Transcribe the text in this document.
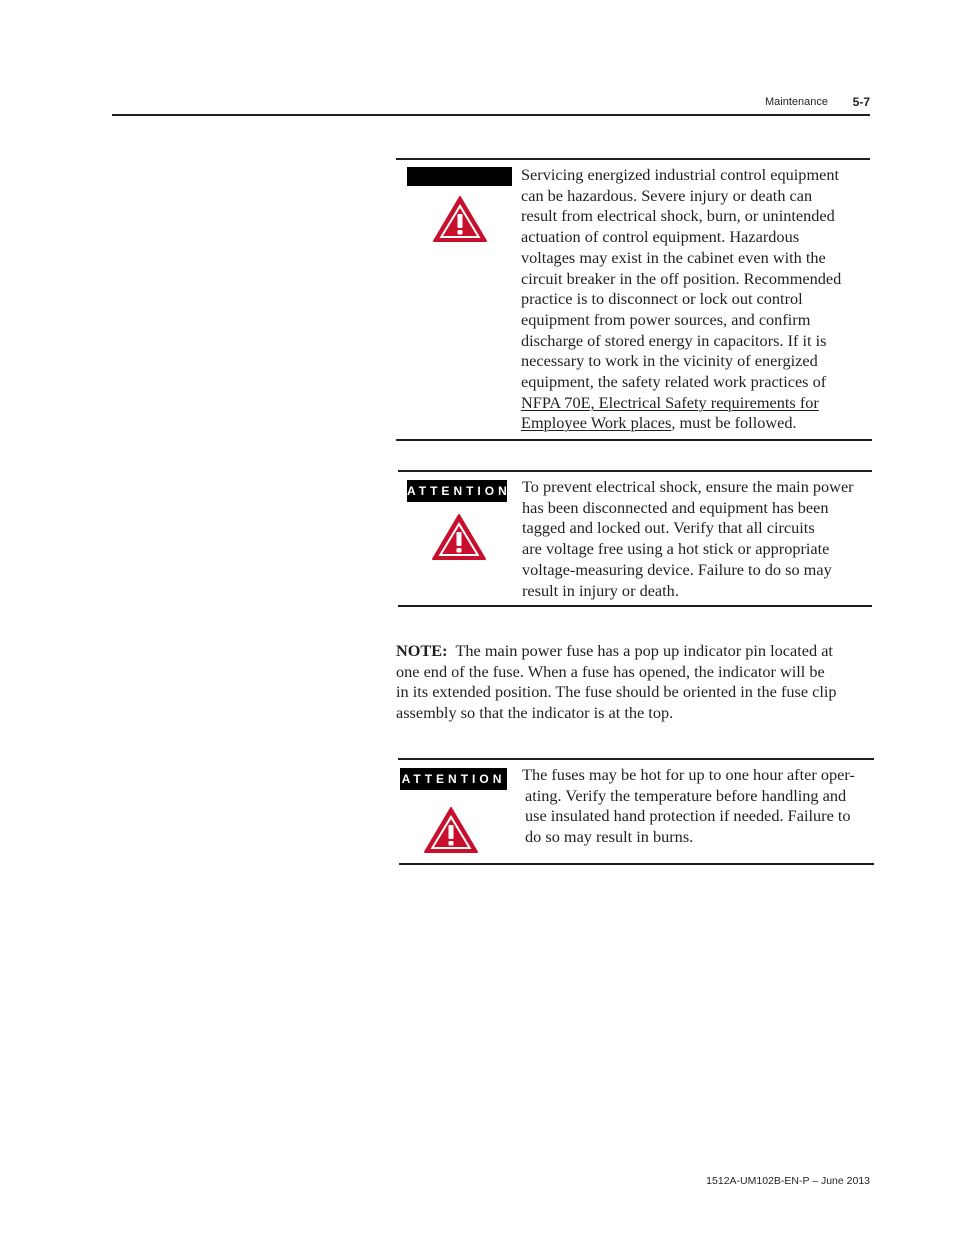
Maintenance 5-7
Servicing energized industrial control equipment
can be hazardous. Severe injury or death can
result from electrical shock, burn, or unintended
actuation of control equipment. Hazardous
voltages may exist in the cabinet even with the
circuit breaker in the off position. Recommended
practice is to disconnect or lock out control
equipment from power sources, and confirm
discharge of stored energy in capacitors. If it is
necessary to work in the vicinity of energized
equipment, the safety related work practices of
NFPA 70E, Electrical Safety requirements for
Employee Work places, must be followed.
ATTENTION To prevent electrical shock, ensure the main power
has been disconnected and equipment has been
tagged and locked out. Verify that all circuits
are voltage free using a hot stick or appropriate
voltage-measuring device. Failure to do so may
result in injury or death.
NOTE: The main power fuse has a pop up indicator pin located at
one end of the fuse. When a fuse has opened, the indicator will be
in its extended position. The fuse should be oriented in the fuse clip
assembly so that the indicator is at the top.
ATTENTION The fuses may be hot for up to one hour after oper-
ating. Verify the temperature before handling and
use insulated hand protection if needed. Failure to
do so may result in burns.
1512A-UM102B-EN-P – June 2013
